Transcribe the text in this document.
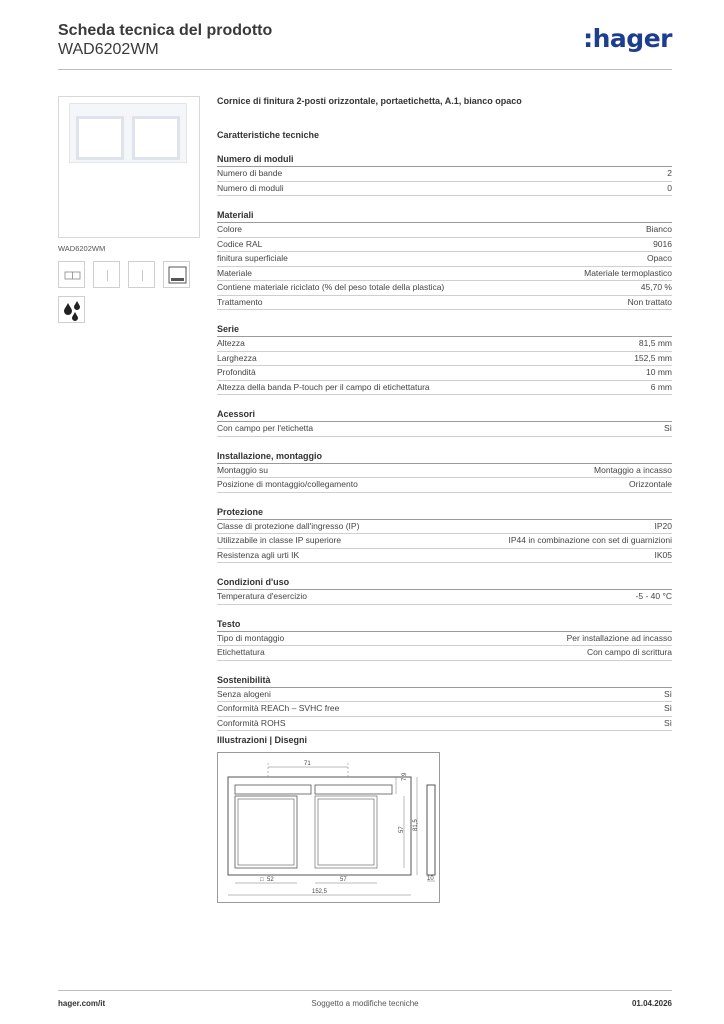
Scheda tecnica del prodotto
WAD6202WM	:hager
WAD6202WM
Cornice di finitura 2-posti orizzontale, portaetichetta, A.1, bianco opaco
Caratteristiche tecniche
Numero di moduli
Numero di bande	2
Numero di moduli	0
Materiali
Colore	Bianco
Codice RAL	9016
finitura superficiale	Opaco
Materiale	Materiale termoplastico
Contiene materiale riciclato (% del peso totale della plastica)	45,70 %
Trattamento	Non trattato
Serie
Altezza	81,5 mm
Larghezza	152,5 mm
Profondità	10 mm
Altezza della banda P-touch per il campo di etichettatura	6 mm
Acessori
Con campo per l'etichetta	Sì
Installazione, montaggio
Montaggio su	Montaggio a incasso
Posizione di montaggio/collegamento	Orizzontale
Protezione
Classe di protezione dall'ingresso (IP)	IP20
Utilizzabile in classe IP superiore	IP44 in combinazione con set di guarnizioni
Resistenza agli urti IK	IK05
Condizioni d'uso
Temperatura d'esercizio	-5 - 40 °C
Testo
Tipo di montaggio	Per installazione ad incasso
Etichettatura	Con campo di scrittura
Sostenibilità
Senza alogeni	Sì
Conformità REACh – SVHC free	Sì
Conformità ROHS	Sì
Illustrazioni | Disegni
71
7,9
57 81,5
□ 52	57
152,5
10
hager.com/it	Soggetto a modifiche tecniche	01.04.2026
